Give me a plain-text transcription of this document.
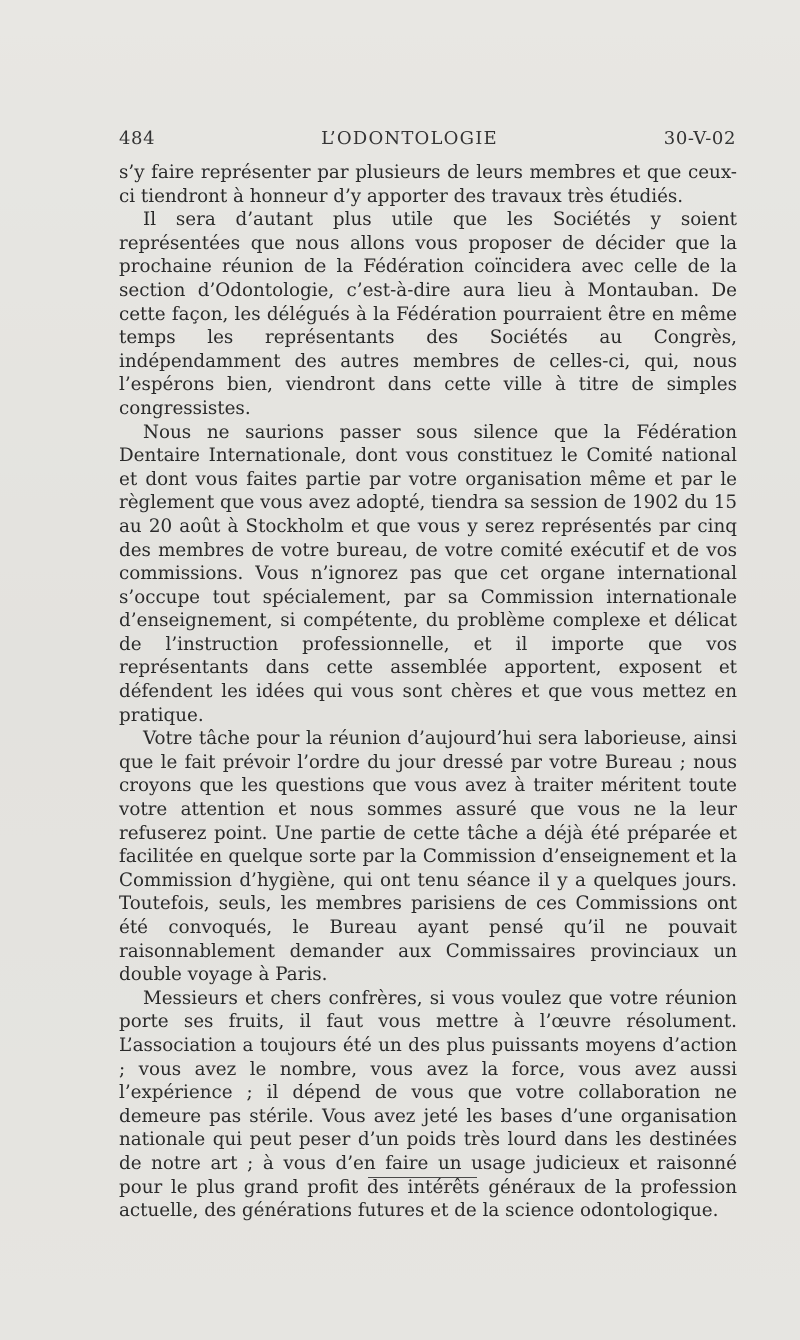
484	L’ODONTOLOGIE	30-V-02

s’y faire représenter par plusieurs de leurs membres et que ceux-ci tiendront à honneur d’y apporter des travaux très étudiés.

Il sera d’autant plus utile que les Sociétés y soient représentées que nous allons vous proposer de décider que la prochaine réunion de la Fédération coïncidera avec celle de la section d’Odontologie, c’est-à-dire aura lieu à Montauban. De cette façon, les délégués à la Fédération pourraient être en même temps les représentants des Sociétés au Congrès, indépendamment des autres membres de celles-ci, qui, nous l’espérons bien, viendront dans cette ville à titre de simples congressistes.

Nous ne saurions passer sous silence que la Fédération Dentaire Internationale, dont vous constituez le Comité national et dont vous faites partie par votre organisation même et par le règlement que vous avez adopté, tiendra sa session de 1902 du 15 au 20 août à Stockholm et que vous y serez représentés par cinq des membres de votre bureau, de votre comité exécutif et de vos commissions. Vous n’ignorez pas que cet organe international s’occupe tout spécialement, par sa Commission internationale d’enseignement, si compétente, du problème complexe et délicat de l’instruction professionnelle, et il importe que vos représentants dans cette assemblée apportent, exposent et défendent les idées qui vous sont chères et que vous mettez en pratique.

Votre tâche pour la réunion d’aujourd’hui sera laborieuse, ainsi que le fait prévoir l’ordre du jour dressé par votre Bureau ; nous croyons que les questions que vous avez à traiter méritent toute votre attention et nous sommes assuré que vous ne la leur refuserez point. Une partie de cette tâche a déjà été préparée et facilitée en quelque sorte par la Commission d’enseignement et la Commission d’hygiène, qui ont tenu séance il y a quelques jours. Toutefois, seuls, les membres parisiens de ces Commissions ont été convoqués, le Bureau ayant pensé qu’il ne pouvait raisonnablement demander aux Commissaires provinciaux un double voyage à Paris.

Messieurs et chers confrères, si vous voulez que votre réunion porte ses fruits, il faut vous mettre à l’œuvre résolument. L’association a toujours été un des plus puissants moyens d’action ; vous avez le nombre, vous avez la force, vous avez aussi l’expérience ; il dépend de vous que votre collaboration ne demeure pas stérile. Vous avez jeté les bases d’une organisation nationale qui peut peser d’un poids très lourd dans les destinées de notre art ; à vous d’en faire un usage judicieux et raisonné pour le plus grand profit des intérêts généraux de la profession actuelle, des générations futures et de la science odontologique.
